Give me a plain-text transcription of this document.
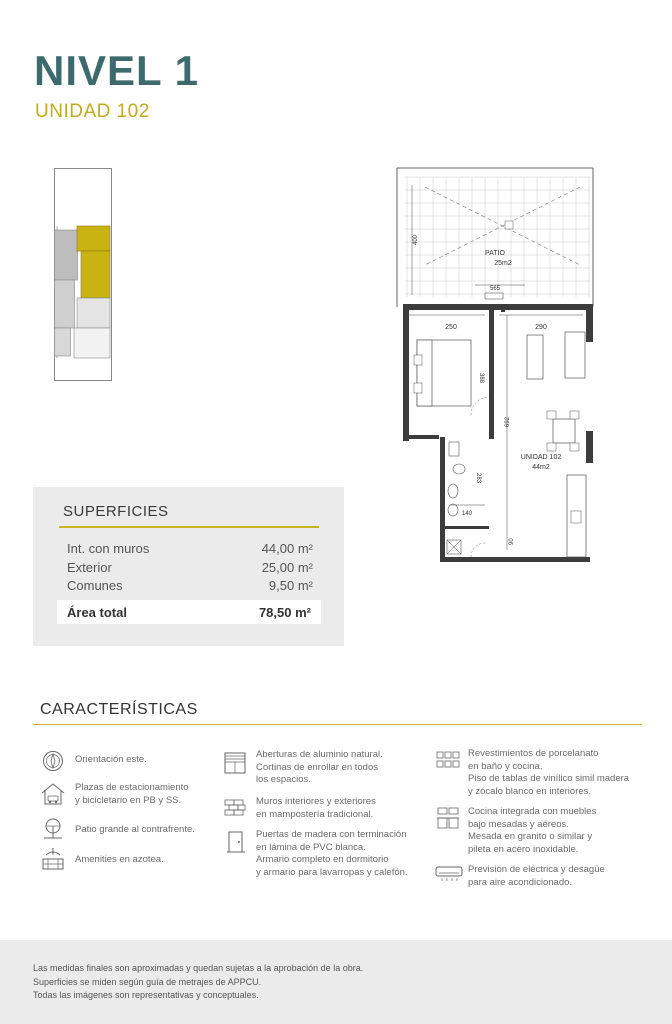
NIVEL 1
UNIDAD 102
400
PATIO
25m2
565
250	290
388
692
UNIDAD 102
44m2
283
140
90
SUPERFICIES
Int. con muros	44,00 m²
Exterior	25,00 m²
Comunes	9,50 m²
Área total	78,50 m²
CARACTERÍSTICAS
Orientación este.
Plazas de estacionamiento
y bicicletario en PB y SS.
Patio grande al contrafrente.
Amenities en azotea.
Aberturas de aluminio natural.
Cortinas de enrollar en todos
los espacios.
Muros interiores y exteriores
en mampostería tradicional.
Puertas de madera con terminación
en lámina de PVC blanca.
Armario completo en dormitorio
y armario para lavarropas y calefón.
Revestimientos de porcelanato
en baño y cocina.
Piso de tablas de vinílico simil madera
y zócalo blanco en interiores.
Cocina integrada con muebles
bajo mesadas y aéreos.
Mesada en granito o similar y
pileta en acero inoxidable.
Previsión de eléctrica y desagüe
para aire acondicionado.
Las medidas finales son aproximadas y quedan sujetas a la aprobación de la obra.
Superficies se miden según guía de metrajes de APPCU.
Todas las imágenes son representativas y conceptuales.
